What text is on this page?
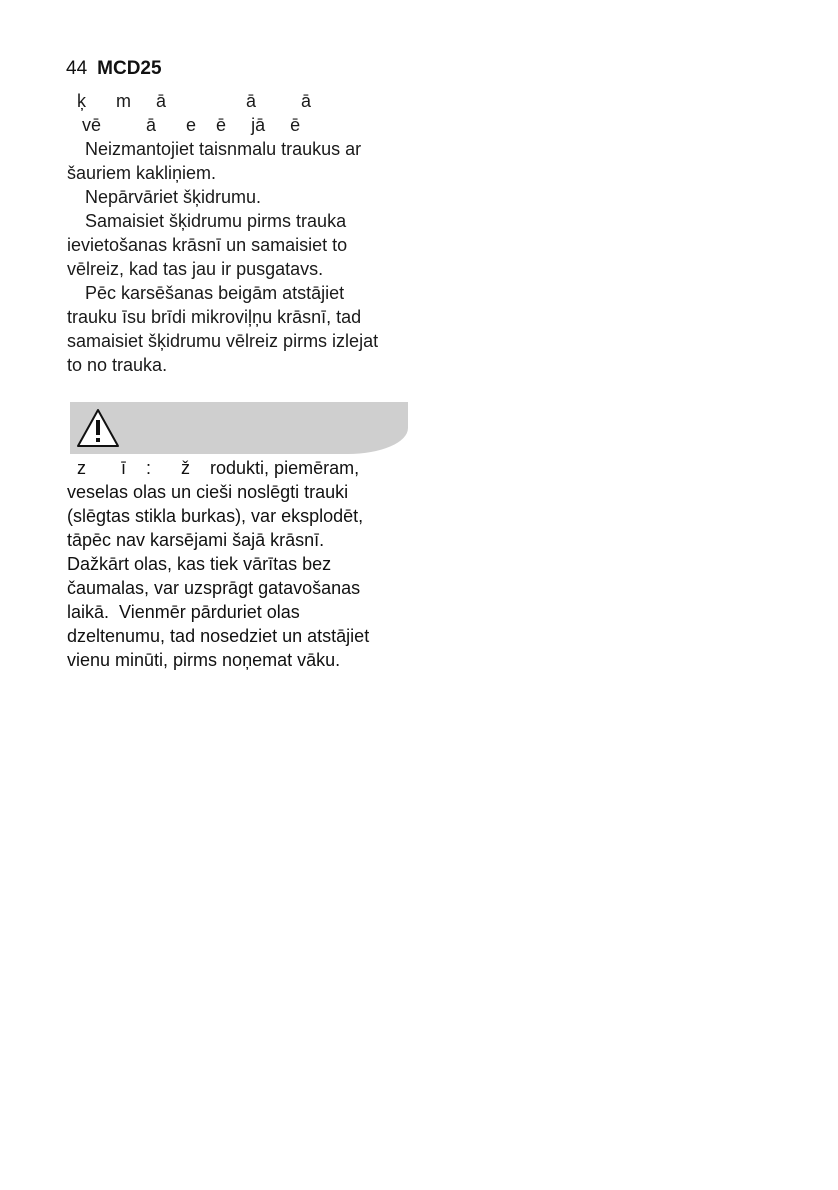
44 MCD25
ķ      m     ā                ā         ā
vē         ā      e    ē     jā     ē
Neizmantojiet taisnmalu traukus ar
šauriem kakliņiem.
Nepārvāriet šķidrumu.
Samaisiet šķidrumu pirms trauka
ievietošanas krāsnī un samaisiet to
vēlreiz, kad tas jau ir pusgatavs.
Pēc karsēšanas beigām atstājiet
trauku īsu brīdi mikroviļņu krāsnī, tad
samaisiet šķidrumu vēlreiz pirms izlejat
to no trauka.
z       ī    :      ž    rodukti, piemēram,
veselas olas un cieši noslēgti trauki
(slēgtas stikla burkas), var eksplodēt,
tāpēc nav karsējami šajā krāsnī.
Dažkārt olas, kas tiek vārītas bez
čaumalas, var uzsprāgt gatavošanas
laikā.  Vienmēr pārduriet olas
dzeltenumu, tad nosedziet un atstājiet
vienu minūti, pirms noņemat vāku.
